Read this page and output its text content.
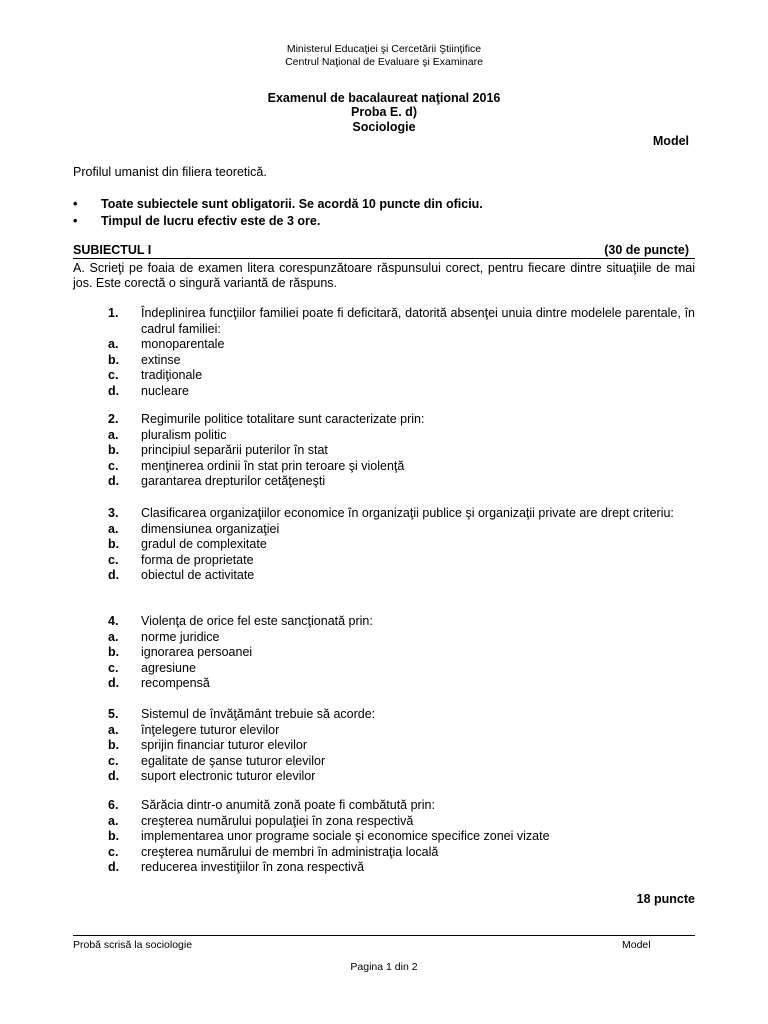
Ministerul Educaţiei şi Cercetării Ştiinţifice
Centrul Naţional de Evaluare şi Examinare
Examenul de bacalaureat naţional 2016
Proba E. d)
Sociologie
Model
Profilul umanist din filiera teoretică.
•	Toate subiectele sunt obligatorii. Se acordă 10 puncte din oficiu.
•	Timpul de lucru efectiv este de 3 ore.
SUBIECTUL I	(30 de puncte)
A. Scrieţi pe foaia de examen litera corespunzătoare răspunsului corect, pentru fiecare dintre situaţiile de mai jos. Este corectă o singură variantă de răspuns.
1. Îndeplinirea funcţiilor familiei poate fi deficitară, datorită absenţei unuia dintre modelele parentale, în cadrul familiei:
a. monoparentale
b. extinse
c. tradiţionale
d. nucleare
2. Regimurile politice totalitare sunt caracterizate prin:
a. pluralism politic
b. principiul separării puterilor în stat
c. menţinerea ordinii în stat prin teroare şi violenţă
d. garantarea drepturilor cetăţeneşti
3. Clasificarea organizaţiilor economice în organizaţii publice şi organizaţii private are drept criteriu:
a. dimensiunea organizaţiei
b. gradul de complexitate
c. forma de proprietate
d. obiectul de activitate
4. Violenţa de orice fel este sancţionată prin:
a. norme juridice
b. ignorarea persoanei
c. agresiune
d. recompensă
5. Sistemul de învăţământ trebuie să acorde:
a. înţelegere tuturor elevilor
b. sprijin financiar tuturor elevilor
c. egalitate de şanse tuturor elevilor
d. suport electronic tuturor elevilor
6. Sărăcia dintr-o anumită zonă poate fi combătută prin:
a. creşterea numărului populaţiei în zona respectivă
b. implementarea unor programe sociale şi economice specifice zonei vizate
c. creşterea numărului de membri în administraţia locală
d. reducerea investiţiilor în zona respectivă
18 puncte
Probă scrisă la sociologie	Model
Pagina 1 din 2
